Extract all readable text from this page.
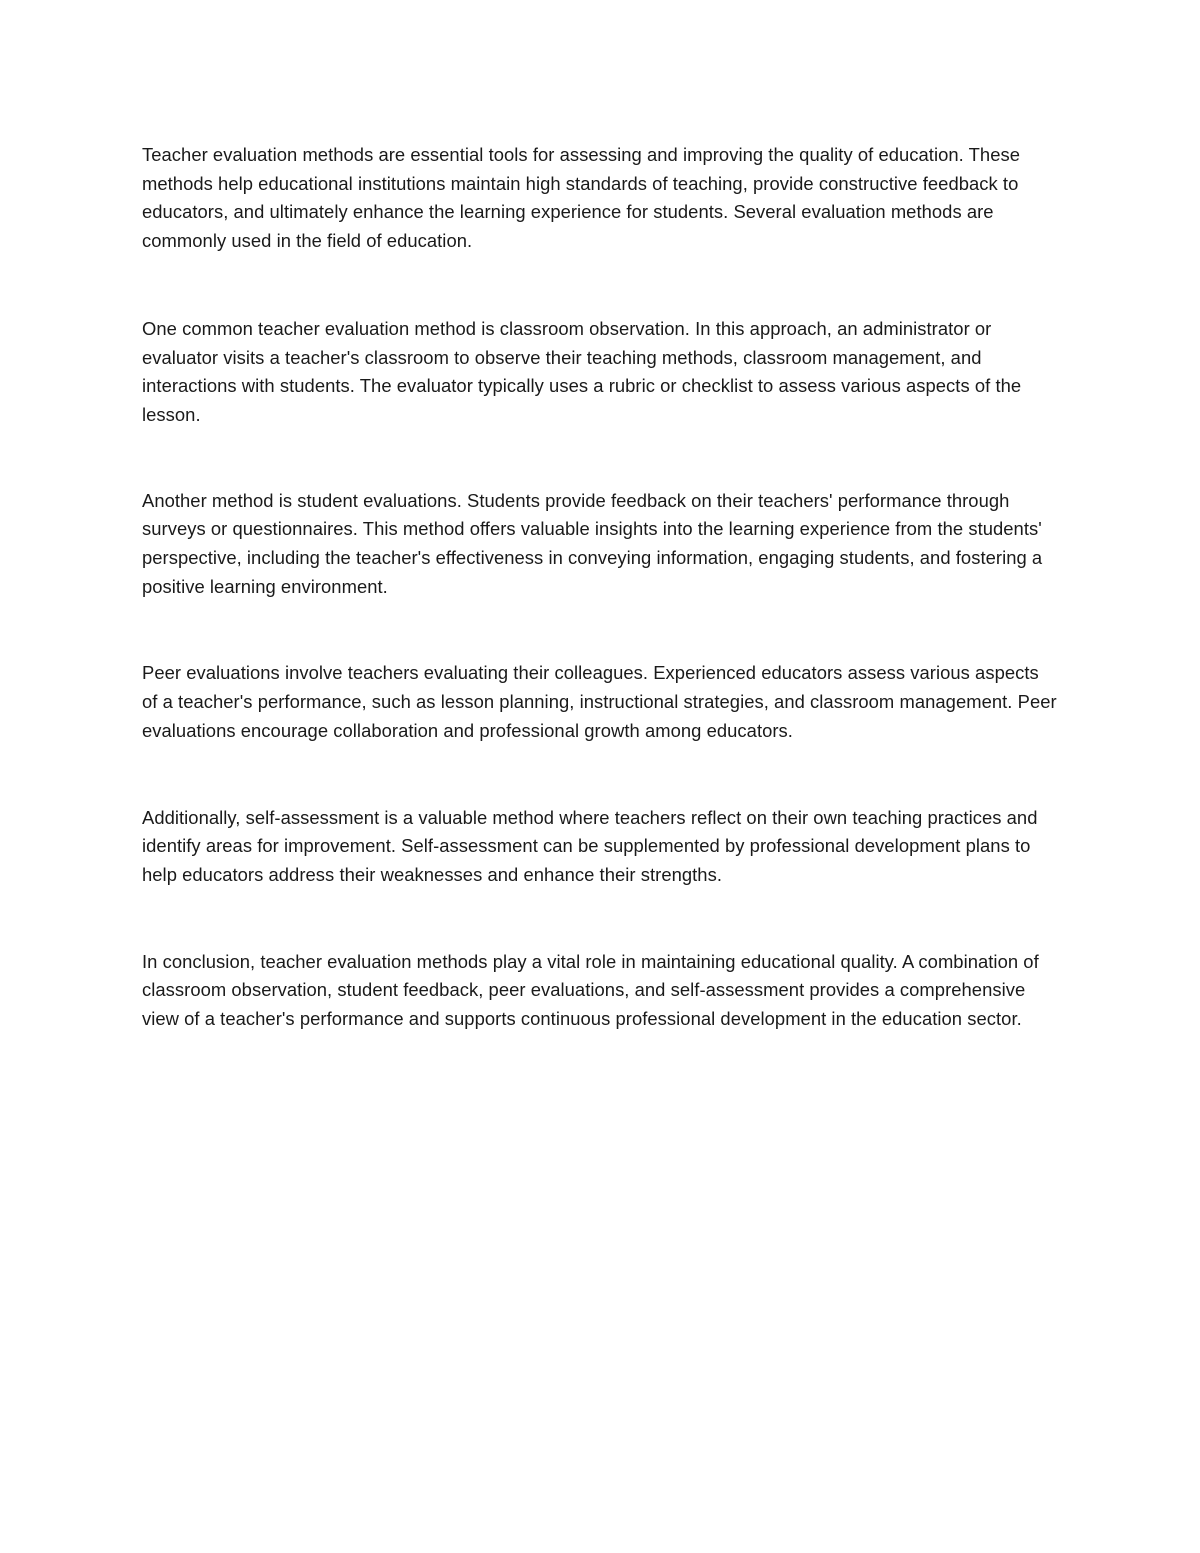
Teacher evaluation methods are essential tools for assessing and improving the quality of education. These methods help educational institutions maintain high standards of teaching, provide constructive feedback to educators, and ultimately enhance the learning experience for students. Several evaluation methods are commonly used in the field of education.

One common teacher evaluation method is classroom observation. In this approach, an administrator or evaluator visits a teacher's classroom to observe their teaching methods, classroom management, and interactions with students. The evaluator typically uses a rubric or checklist to assess various aspects of the lesson.

Another method is student evaluations. Students provide feedback on their teachers' performance through surveys or questionnaires. This method offers valuable insights into the learning experience from the students' perspective, including the teacher's effectiveness in conveying information, engaging students, and fostering a positive learning environment.

Peer evaluations involve teachers evaluating their colleagues. Experienced educators assess various aspects of a teacher's performance, such as lesson planning, instructional strategies, and classroom management. Peer evaluations encourage collaboration and professional growth among educators.

Additionally, self-assessment is a valuable method where teachers reflect on their own teaching practices and identify areas for improvement. Self-assessment can be supplemented by professional development plans to help educators address their weaknesses and enhance their strengths.

In conclusion, teacher evaluation methods play a vital role in maintaining educational quality. A combination of classroom observation, student feedback, peer evaluations, and self-assessment provides a comprehensive view of a teacher's performance and supports continuous professional development in the education sector.
